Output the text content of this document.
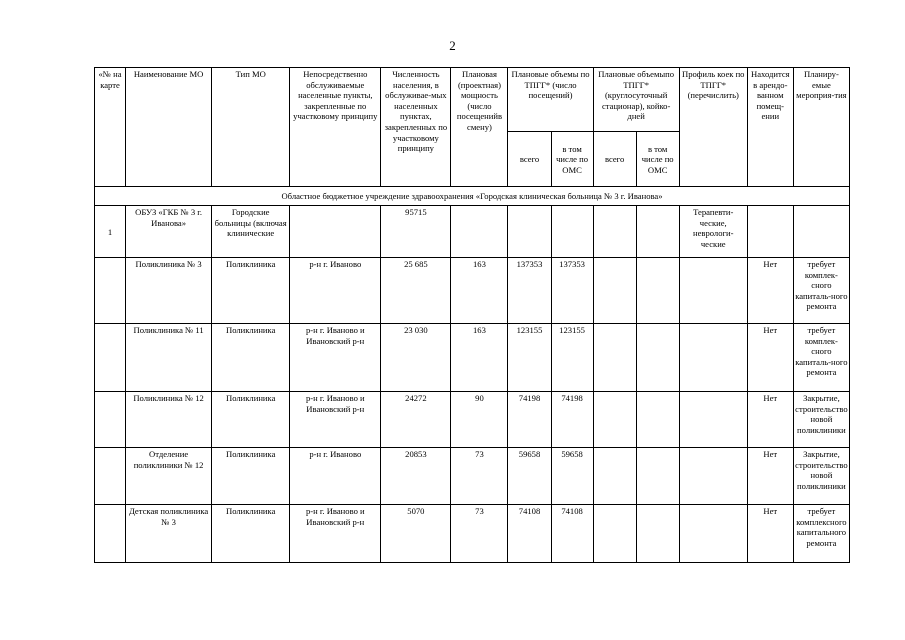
2
«№ на карте	Наименование МО	Тип МО	Непосредственно обслуживаемые населенные пункты, закрепленные по участковому принципу	Численность населения, в обслуживае-мых населенных пунктах, закрепленных по участковому принципу	Плановая (проектная) мощность (число посещенийв смену)	Плановые объемы по ТПГГ* (число посещений)		Плановые объемыпо ТПГГ* (круглосуточный стационар), койко-дней		Профиль коек по ТПГГ* (перечислить)	Находится в арендо-ванном помещ-ении	Планиру-емые мероприя-тия
						всего	в том числе по ОМС	всего	в том числе по ОМС			
Областное бюджетное учреждение здравоохранения «Городская клиническая больница № 3 г. Иванова»												
1	ОБУЗ «ГКБ № 3 г. Иванова»	Городские больницы (включая клинические		95715						Терапевти-ческие, неврологи-ческие		
	Поликлиника № 3	Поликлиника	р-н г. Иваново	25 685	163	137353	137353				Нет	требует комплек-сного капиталь-ного ремонта
	Поликлиника № 11	Поликлиника	р-н г. Иваново и Ивановский р-н	23 030	163	123155	123155				Нет	требует комплек-сного капиталь-ного ремонта
	Поликлиника № 12	Поликлиника	р-н г. Иваново и Ивановский р-н	24272	90	74198	74198				Нет	Закрытие, строительство новой поликлиники
	Отделение поликлиники № 12	Поликлиника	р-н г. Иваново	20853	73	59658	59658				Нет	Закрытие, строительство новой поликлиники
	Детская поликлиника № 3	Поликлиника	р-н г. Иваново и Ивановский р-н	5070	73	74108	74108				Нет	требует комплексного капитального ремонта
